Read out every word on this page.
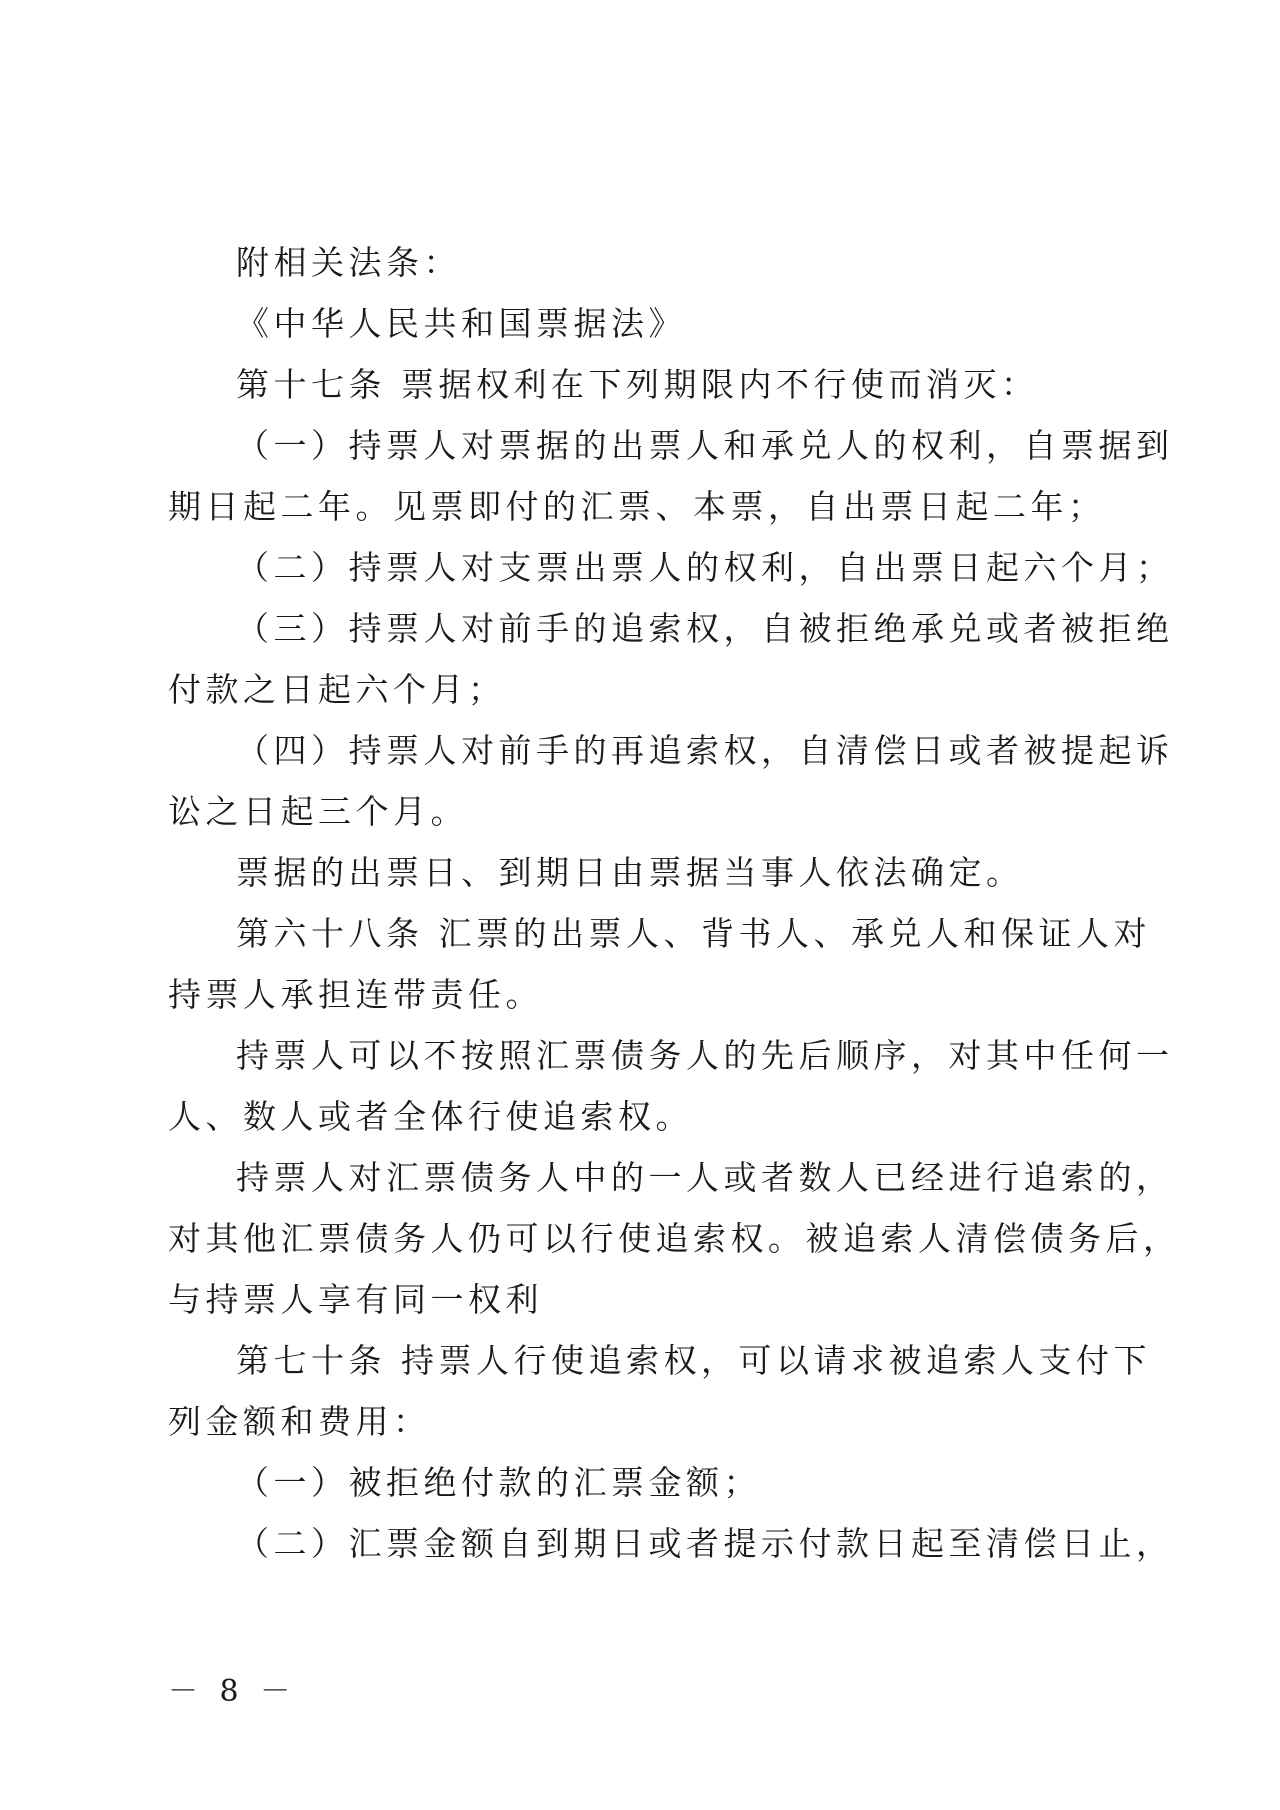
附相关法条：
《中华人民共和国票据法》
第十七条 票据权利在下列期限内不行使而消灭：
（一）持票人对票据的出票人和承兑人的权利，自票据到
期日起二年。见票即付的汇票、本票，自出票日起二年；
（二）持票人对支票出票人的权利，自出票日起六个月；
（三）持票人对前手的追索权，自被拒绝承兑或者被拒绝
付款之日起六个月；
（四）持票人对前手的再追索权，自清偿日或者被提起诉
讼之日起三个月。
票据的出票日、到期日由票据当事人依法确定。
第六十八条 汇票的出票人、背书人、承兑人和保证人对
持票人承担连带责任。
持票人可以不按照汇票债务人的先后顺序，对其中任何一
人、数人或者全体行使追索权。
持票人对汇票债务人中的一人或者数人已经进行追索的，
对其他汇票债务人仍可以行使追索权。被追索人清偿债务后，
与持票人享有同一权利
第七十条 持票人行使追索权，可以请求被追索人支付下
列金额和费用：
（一）被拒绝付款的汇票金额；
（二）汇票金额自到期日或者提示付款日起至清偿日止，
－ 8 －
